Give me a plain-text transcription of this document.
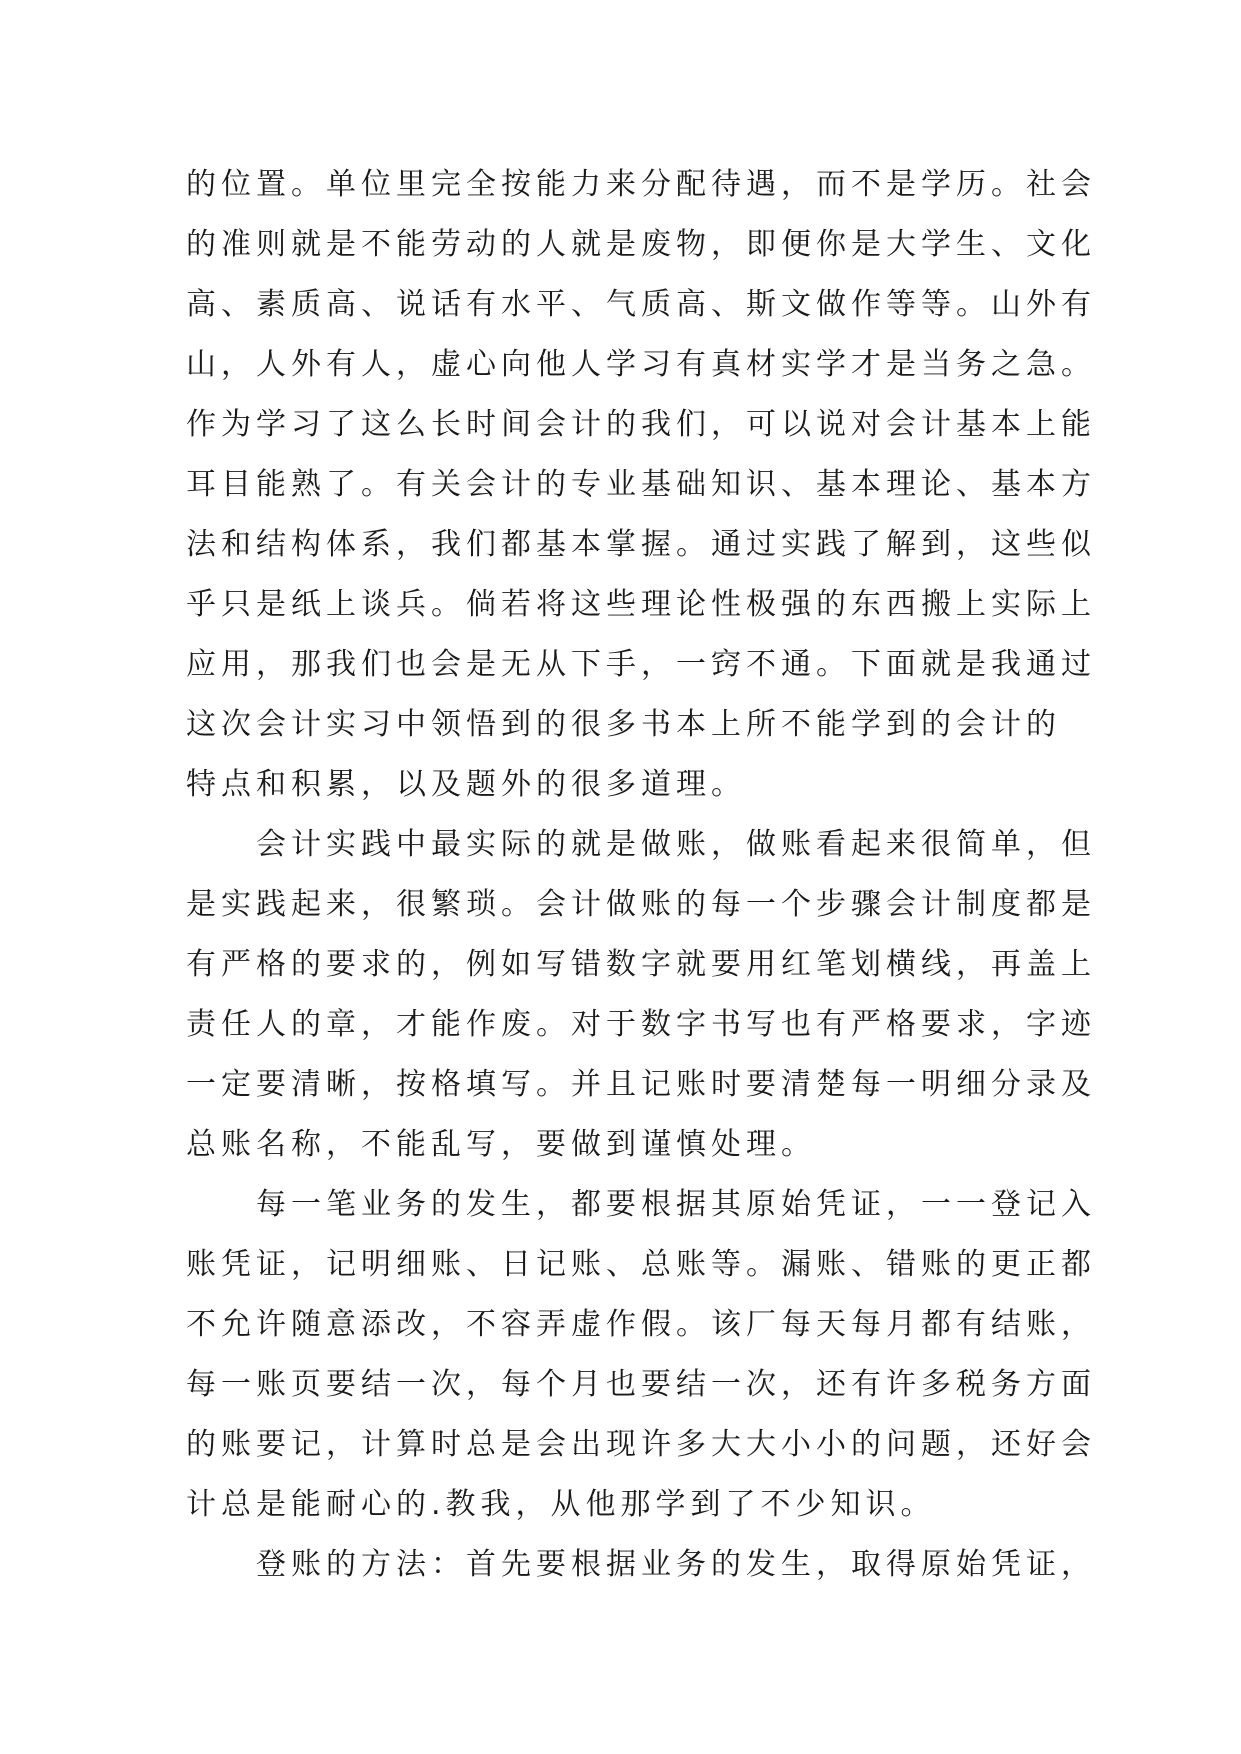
的位置。单位里完全按能力来分配待遇，而不是学历。社会
的准则就是不能劳动的人就是废物，即便你是大学生、文化
高、素质高、说话有水平、气质高、斯文做作等等。山外有
山，人外有人，虚心向他人学习有真材实学才是当务之急。
作为学习了这么长时间会计的我们，可以说对会计基本上能
耳目能熟了。有关会计的专业基础知识、基本理论、基本方
法和结构体系，我们都基本掌握。通过实践了解到，这些似
乎只是纸上谈兵。倘若将这些理论性极强的东西搬上实际上
应用，那我们也会是无从下手，一窍不通。下面就是我通过
这次会计实习中领悟到的很多书本上所不能学到的会计的
特点和积累，以及题外的很多道理。
会计实践中最实际的就是做账，做账看起来很简单，但
是实践起来，很繁琐。会计做账的每一个步骤会计制度都是
有严格的要求的，例如写错数字就要用红笔划横线，再盖上
责任人的章，才能作废。对于数字书写也有严格要求，字迹
一定要清晰，按格填写。并且记账时要清楚每一明细分录及
总账名称，不能乱写，要做到谨慎处理。
每一笔业务的发生，都要根据其原始凭证，一一登记入
账凭证，记明细账、日记账、总账等。漏账、错账的更正都
不允许随意添改，不容弄虚作假。该厂每天每月都有结账，
每一账页要结一次，每个月也要结一次，还有许多税务方面
的账要记，计算时总是会出现许多大大小小的问题，还好会
计总是能耐心的.教我，从他那学到了不少知识。
登账的方法：首先要根据业务的发生，取得原始凭证，
